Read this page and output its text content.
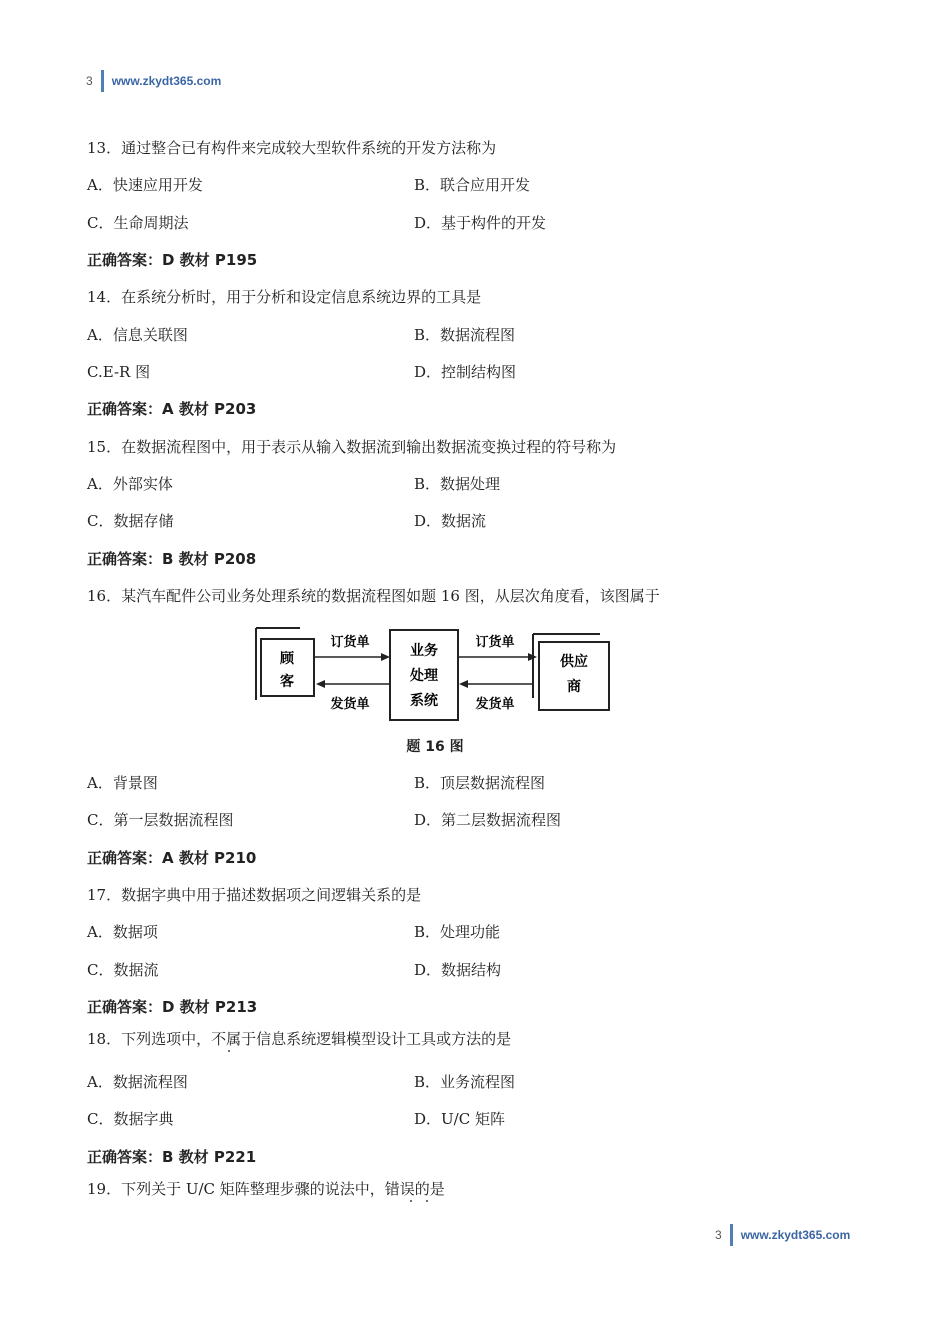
3 www.zkydt365.com
13．通过整合已有构件来完成较大型软件系统的开发方法称为
A．快速应用开发	B．联合应用开发
C．生命周期法	D．基于构件的开发
正确答案：D 教材 P195
14．在系统分析时，用于分析和设定信息系统边界的工具是
A．信息关联图	B．数据流程图
C.E-R 图	D．控制结构图
正确答案：A 教材 P203
15．在数据流程图中，用于表示从输入数据流到输出数据流变换过程的符号称为
A．外部实体	B．数据处理
C．数据存储	D．数据流
正确答案：B 教材 P208
16．某汽车配件公司业务处理系统的数据流程图如题 16 图，从层次角度看，该图属于
A．背景图	B．顶层数据流程图
C．第一层数据流程图	D．第二层数据流程图
正确答案：A 教材 P210
17．数据字典中用于描述数据项之间逻辑关系的是
A．数据项	B．处理功能
C．数据流	D．数据结构
正确答案：D 教材 P213
18．下列选项中，不属于信息系统逻辑模型设计工具或方法的是
A．数据流程图	B．业务流程图
C．数据字典	D．U/C 矩阵
正确答案：B 教材 P221
19．下列关于 U/C 矩阵整理步骤的说法中，错误的是
顾
客
业务
处理
系统
供应
商
订货单
发货单
订货单
发货单
题 16 图
3 www.zkydt365.com
